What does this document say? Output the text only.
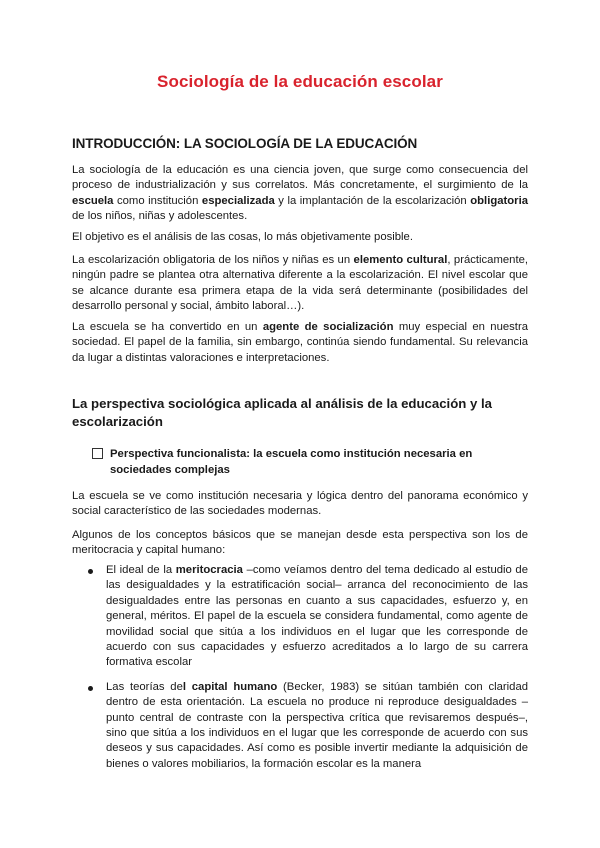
Sociología de la educación escolar
INTRODUCCIÓN: LA SOCIOLOGÍA DE LA EDUCACIÓN

La sociología de la educación es una ciencia joven, que surge como consecuencia del proceso de industrialización y sus correlatos. Más concretamente, el surgimiento de la escuela como institución especializada y la implantación de la escolarización obligatoria de los niños, niñas y adolescentes.

El objetivo es el análisis de las cosas, lo más objetivamente posible.

La escolarización obligatoria de los niños y niñas es un elemento cultural, prácticamente, ningún padre se plantea otra alternativa diferente a la escolarización. El nivel escolar que se alcance durante esa primera etapa de la vida será determinante (posibilidades del desarrollo personal y social, ámbito laboral…).

La escuela se ha convertido en un agente de socialización muy especial en nuestra sociedad. El papel de la familia, sin embargo, continúa siendo fundamental. Su relevancia da lugar a distintas valoraciones e interpretaciones.

La perspectiva sociológica aplicada al análisis de la educación y la escolarización

Perspectiva funcionalista: la escuela como institución necesaria en sociedades complejas

La escuela se ve como institución necesaria y lógica dentro del panorama económico y social característico de las sociedades modernas.

Algunos de los conceptos básicos que se manejan desde esta perspectiva son los de meritocracia y capital humano:

El ideal de la meritocracia –como veíamos dentro del tema dedicado al estudio de las desigualdades y la estratificación social– arranca del reconocimiento de las desigualdades entre las personas en cuanto a sus capacidades, esfuerzo y, en general, méritos. El papel de la escuela se considera fundamental, como agente de movilidad social que sitúa a los individuos en el lugar que les corresponde de acuerdo con sus capacidades y esfuerzo acreditados a lo largo de su carrera formativa escolar
Las teorías del capital humano (Becker, 1983) se sitúan también con claridad dentro de esta orientación. La escuela no produce ni reproduce desigualdades –punto central de contraste con la perspectiva crítica que revisaremos después–, sino que sitúa a los individuos en el lugar que les corresponde de acuerdo con sus deseos y sus capacidades. Así como es posible invertir mediante la adquisición de bienes o valores mobiliarios, la formación escolar es la manera
